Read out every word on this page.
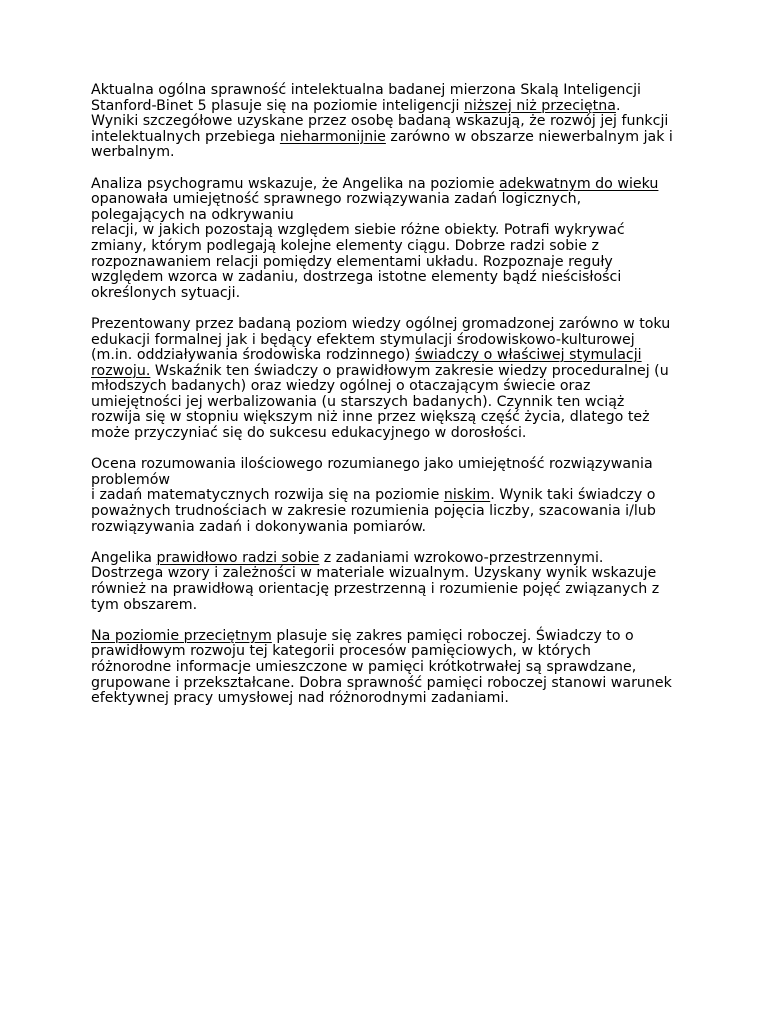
Aktualna ogólna sprawność intelektualna badanej mierzona Skalą Inteligencji
Stanford-Binet 5 plasuje się na poziomie inteligencji niższej niż przeciętna.
Wyniki szczegółowe uzyskane przez osobę badaną wskazują, że rozwój jej funkcji
intelektualnych przebiega nieharmonijnie zarówno w obszarze niewerbalnym jak i
werbalnym.
Analiza psychogramu wskazuje, że Angelika na poziomie adekwatnym do wieku
opanowała umiejętność sprawnego rozwiązywania zadań logicznych,
polegających na odkrywaniu
relacji, w jakich pozostają względem siebie różne obiekty. Potrafi wykrywać
zmiany, którym podlegają kolejne elementy ciągu. Dobrze radzi sobie z
rozpoznawaniem relacji pomiędzy elementami układu. Rozpoznaje reguły
względem wzorca w zadaniu, dostrzega istotne elementy bądź nieścisłości
określonych sytuacji.
Prezentowany przez badaną poziom wiedzy ogólnej gromadzonej zarówno w toku
edukacji formalnej jak i będący efektem stymulacji środowiskowo-kulturowej
(m.in. oddziaływania środowiska rodzinnego) świadczy o właściwej stymulacji
rozwoju. Wskaźnik ten świadczy o prawidłowym zakresie wiedzy proceduralnej (u
młodszych badanych) oraz wiedzy ogólnej o otaczającym świecie oraz
umiejętności jej werbalizowania (u starszych badanych). Czynnik ten wciąż
rozwija się w stopniu większym niż inne przez większą część życia, dlatego też
może przyczyniać się do sukcesu edukacyjnego w dorosłości.
Ocena rozumowania ilościowego rozumianego jako umiejętność rozwiązywania
problemów
i zadań matematycznych rozwija się na poziomie niskim. Wynik taki świadczy o
poważnych trudnościach w zakresie rozumienia pojęcia liczby, szacowania i/lub
rozwiązywania zadań i dokonywania pomiarów.
Angelika prawidłowo radzi sobie z zadaniami wzrokowo-przestrzennymi.
Dostrzega wzory i zależności w materiale wizualnym. Uzyskany wynik wskazuje
również na prawidłową orientację przestrzenną i rozumienie pojęć związanych z
tym obszarem.
Na poziomie przeciętnym plasuje się zakres pamięci roboczej. Świadczy to o
prawidłowym rozwoju tej kategorii procesów pamięciowych, w których
różnorodne informacje umieszczone w pamięci krótkotrwałej są sprawdzane,
grupowane i przekształcane. Dobra sprawność pamięci roboczej stanowi warunek
efektywnej pracy umysłowej nad różnorodnymi zadaniami.
